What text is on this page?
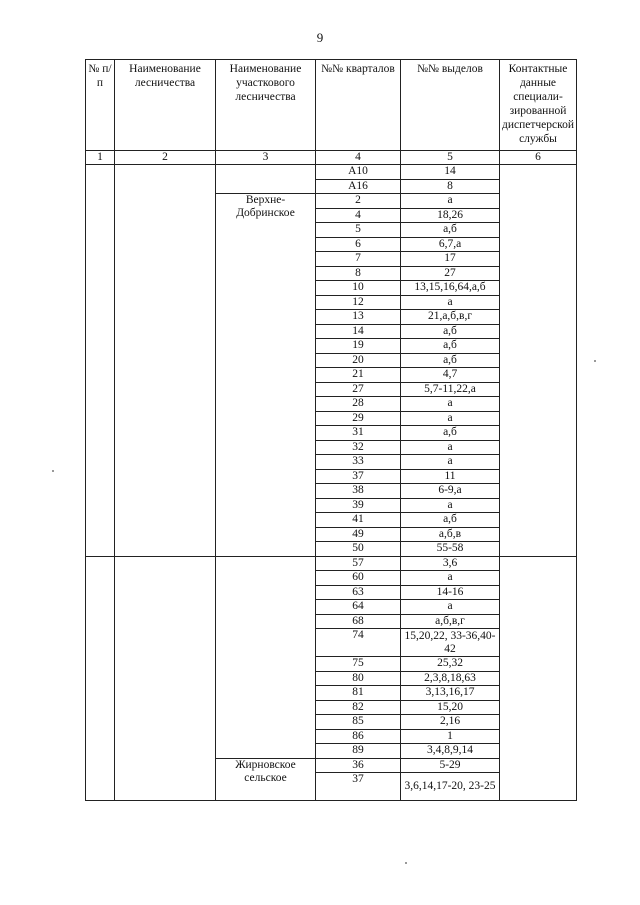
9
№ п/п	Наименование лесничества	Наименование участкового лесничества	№№ кварталов	№№ выделов	Контактные данные специали-зированной диспетчерской службы
1	2	3	4	5	6
			А10	14	
			А16	8	
		Верхне-Добринское	2	а	
			4	18,26	
			5	а,б	
			6	6,7,а	
			7	17	
			8	27	
			10	13,15,16,64,а,б	
			12	а	
			13	21,а,б,в,г	
			14	а,б	
			19	а,б	
			20	а,б	
			21	4,7	
			27	5,7-11,22,а	
			28	а	
			29	а	
			31	а,б	
			32	а	
			33	а	
			37	11	
			38	6-9,а	
			39	а	
			41	а,б	
			49	а,б,в	
			50	55-58	
			57	3,6	
			60	а	
			63	14-16	
			64	а	
			68	а,б,в,г	
			74	15,20,22, 33-36,40-42	
			75	25,32	
			80	2,3,8,18,63	
			81	3,13,16,17	
			82	15,20	
			85	2,16	
			86	1	
			89	3,4,8,9,14	
		Жирновское сельское	36	5-29	
			37	3,6,14,17-20, 23-25	
